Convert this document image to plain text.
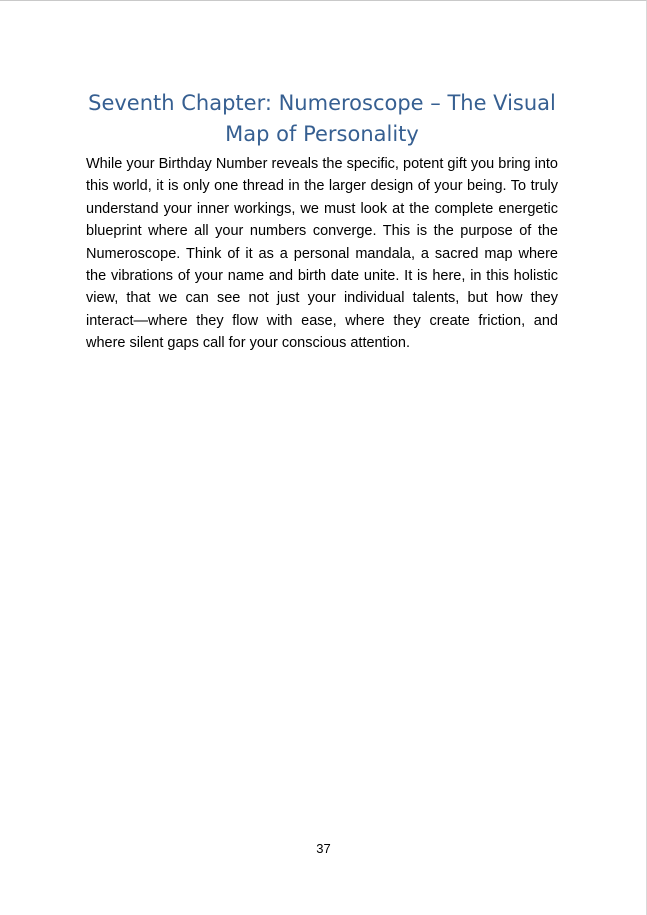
Seventh Chapter: Numeroscope – The Visual Map of Personality

While your Birthday Number reveals the specific, potent gift you bring into this world, it is only one thread in the larger design of your being. To truly understand your inner workings, we must look at the complete energetic blueprint where all your numbers converge. This is the purpose of the Numeroscope. Think of it as a personal mandala, a sacred map where the vibrations of your name and birth date unite. It is here, in this holistic view, that we can see not just your individual talents, but how they interact—where they flow with ease, where they create friction, and where silent gaps call for your conscious attention.

37
